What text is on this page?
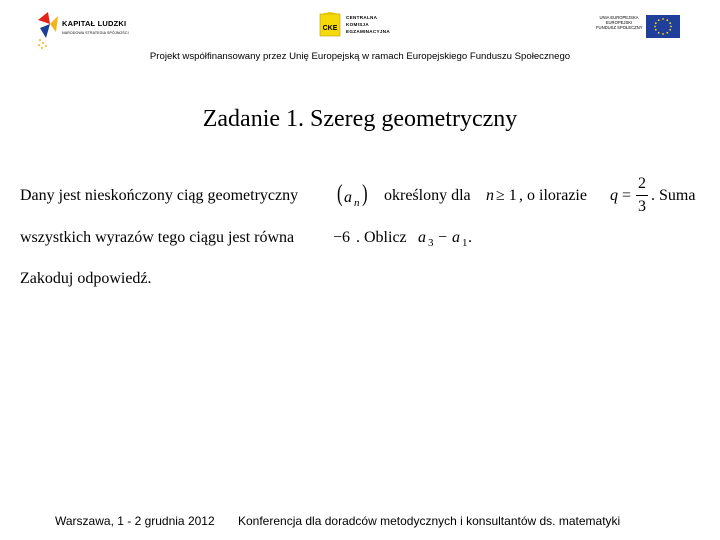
KAPITAŁ LUDZKI
NARODOWA STRATEGIA SPÓJNOŚCI
CKE
CENTRALNA
KOMISJA
EGZAMINACYJNA
UNIA EUROPEJSKA
EUROPEJSKI
FUNDUSZ SPOŁECZNY
Projekt współfinansowany przez Unię Europejską w ramach Europejskiego Funduszu Społecznego
Zadanie 1. Szereg geometryczny
Dany jest nieskończony ciąg geometryczny ( a n ) określony dla n ≥ 1 , o ilorazie q =
2
3
. Suma
wszystkich wyrazów tego ciągu jest równa −6 . Oblicz a 3 − a 1 .
Zakoduj odpowiedź.
Warszawa, 1 - 2 grudnia 2012 Konferencja dla doradców metodycznych i konsultantów ds. matematyki
